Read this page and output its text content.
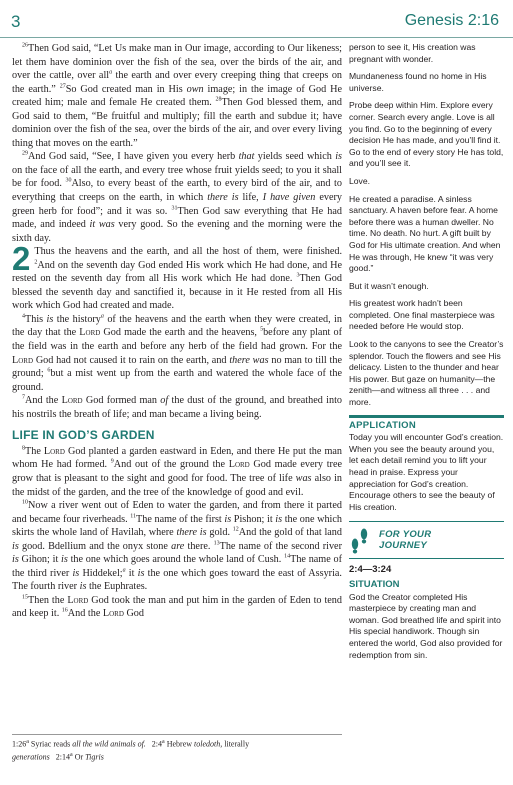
3	Genesis 2:16

$^{26}$Then God said, “Let Us make man in Our image, according to Our likeness; let them have dominion over the fish of the sea, over the birds of the air, and over the cattle, over all$^a$ the earth and over every creeping thing that creeps on the earth.” $^{27}$So God created man in His own image; in the image of God He created him; male and female He created them. $^{28}$Then God blessed them, and God said to them, “Be fruitful and multiply; fill the earth and subdue it; have dominion over the fish of the sea, over the birds of the air, and over every living thing that moves on the earth.”

$^{29}$And God said, “See, I have given you every herb that yields seed which is on the face of all the earth, and every tree whose fruit yields seed; to you it shall be for food. $^{30}$Also, to every beast of the earth, to every bird of the air, and to everything that creeps on the earth, in which there is life, I have given every green herb for food”; and it was so. $^{31}$Then God saw everything that He had made, and indeed it was very good. So the evening and the morning were the sixth day.

2 Thus the heavens and the earth, and all the host of them, were finished. $^2$And on the seventh day God ended His work which He had done, and He rested on the seventh day from all His work which He had done. $^3$Then God blessed the seventh day and sanctified it, because in it He rested from all His work which God had created and made.

$^4$This is the history$^a$ of the heavens and the earth when they were created, in the day that the Lord God made the earth and the heavens, $^5$before any plant of the field was in the earth and before any herb of the field had grown. For the Lord God had not caused it to rain on the earth, and there was no man to till the ground; $^6$but a mist went up from the earth and watered the whole face of the ground.

$^7$And the Lord God formed man of the dust of the ground, and breathed into his nostrils the breath of life; and man became a living being.

LIFE IN GOD’S GARDEN

$^8$The Lord God planted a garden eastward in Eden, and there He put the man whom He had formed. $^9$And out of the ground the Lord God made every tree grow that is pleasant to the sight and good for food. The tree of life was also in the midst of the garden, and the tree of the knowledge of good and evil.

$^{10}$Now a river went out of Eden to water the garden, and from there it parted and became four riverheads. $^{11}$The name of the first is Pishon; it is the one which skirts the whole land of Havilah, where there is gold. $^{12}$And the gold of that land is good. Bdellium and the onyx stone are there. $^{13}$The name of the second river is Gihon; it is the one which goes around the whole land of Cush. $^{14}$The name of the third river is Hiddekel;$^a$ it is the one which goes toward the east of Assyria. The fourth river is the Euphrates.

$^{15}$Then the Lord God took the man and put him in the garden of Eden to tend and keep it. $^{16}$And the Lord God

1:26$^a$ Syriac reads all the wild animals of. 2:4$^a$ Hebrew toledoth, literally
generations 2:14$^a$ Or Tigris

person to see it, His creation was pregnant with wonder.

Mundaneness found no home in His universe.

Probe deep within Him. Explore every corner. Search every angle. Love is all you find. Go to the beginning of every decision He has made, and you’ll find it. Go to the end of every story He has told, and you’ll see it.

Love.

He created a paradise. A sinless sanctuary. A haven before fear. A home before there was a human dweller. No time. No death. No hurt. A gift built by God for His ultimate creation. And when He was through, He knew “it was very good.”

But it wasn’t enough.

His greatest work hadn’t been completed. One final masterpiece was needed before He would stop.

Look to the canyons to see the Creator’s splendor. Touch the flowers and see His delicacy. Listen to the thunder and hear His power. But gaze on humanity—the zenith—and witness all three . . . and more.

APPLICATION
Today you will encounter God’s creation. When you see the beauty around you, let each detail remind you to lift your head in praise. Express your appreciation for God’s creation. Encourage others to see the beauty of His creation.
FOR YOUR
JOURNEY
2:4—3:24
SITUATION
God the Creator completed His masterpiece by creating man and woman. God breathed life and spirit into His special handiwork. Though sin entered the world, God also provided for redemption from sin.
